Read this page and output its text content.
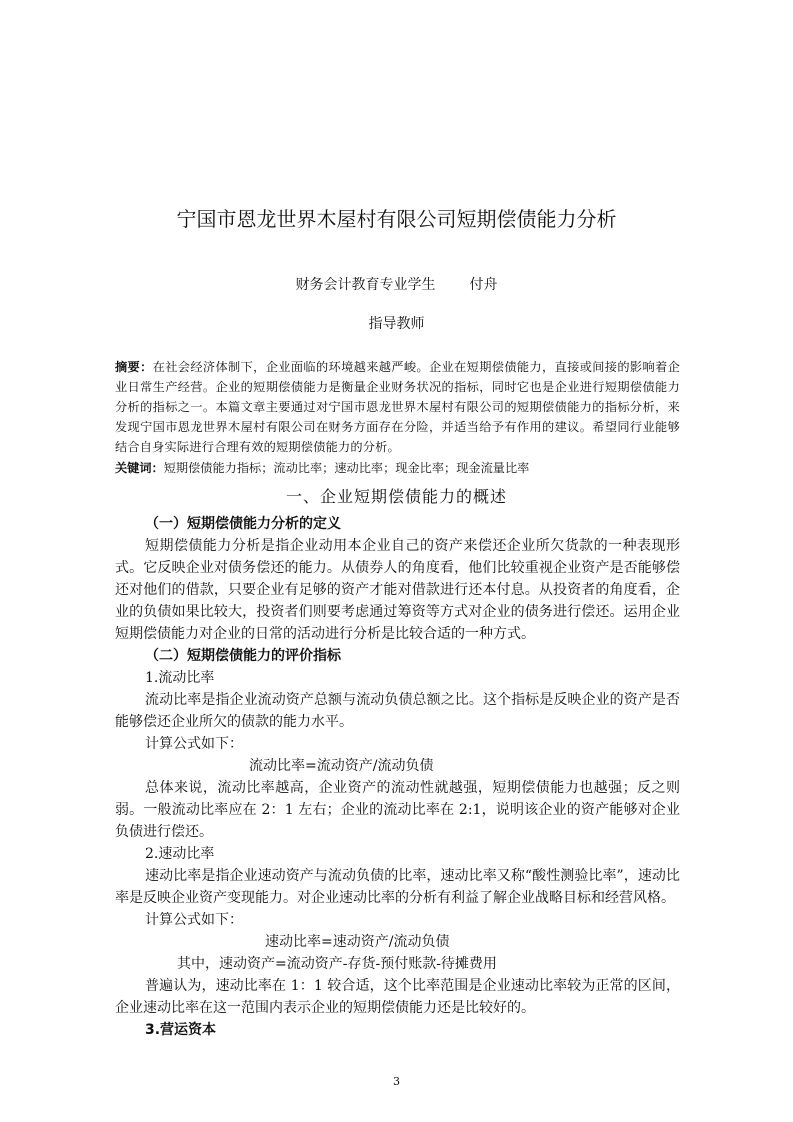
宁国市恩龙世界木屋村有限公司短期偿债能力分析
财务会计教育专业学生 付舟
指导教师
摘要：在社会经济体制下，企业面临的环境越来越严峻。企业在短期偿债能力，直接或间接的影响着企业日常生产经营。企业的短期偿债能力是衡量企业财务状况的指标，同时它也是企业进行短期偿债能力分析的指标之一。本篇文章主要通过对宁国市恩龙世界木屋村有限公司的短期偿债能力的指标分析，来发现宁国市恩龙世界木屋村有限公司在财务方面存在分险，并适当给予有作用的建议。希望同行业能够结合自身实际进行合理有效的短期偿债能力的分析。
关键词：短期偿债能力指标；流动比率；速动比率；现金比率；现金流量比率
一、企业短期偿债能力的概述

（一）短期偿债能力分析的定义

短期偿债能力分析是指企业动用本企业自己的资产来偿还企业所欠货款的一种表现形式。它反映企业对债务偿还的能力。从债券人的角度看，他们比较重视企业资产是否能够偿还对他们的借款，只要企业有足够的资产才能对借款进行还本付息。从投资者的角度看，企业的负债如果比较大，投资者们则要考虑通过筹资等方式对企业的债务进行偿还。运用企业短期偿债能力对企业的日常的活动进行分析是比较合适的一种方式。

（二）短期偿债能力的评价指标

1.流动比率

流动比率是指企业流动资产总额与流动负债总额之比。这个指标是反映企业的资产是否能够偿还企业所欠的债款的能力水平。

计算公式如下：

流动比率=流动资产/流动负债

总体来说，流动比率越高，企业资产的流动性就越强，短期偿债能力也越强；反之则弱。一般流动比率应在 2：1 左右；企业的流动比率在 2:1，说明该企业的资产能够对企业负债进行偿还。

2.速动比率

速动比率是指企业速动资产与流动负债的比率，速动比率又称“酸性测验比率”，速动比率是反映企业资产变现能力。对企业速动比率的分析有利益了解企业战略目标和经营风格。

计算公式如下：

速动比率=速动资产/流动负债

其中，速动资产=流动资产-存货-预付账款-待摊费用

普遍认为，速动比率在 1：1 较合适，这个比率范围是企业速动比率较为正常的区间，企业速动比率在这一范围内表示企业的短期偿债能力还是比较好的。

3.营运资本

3
